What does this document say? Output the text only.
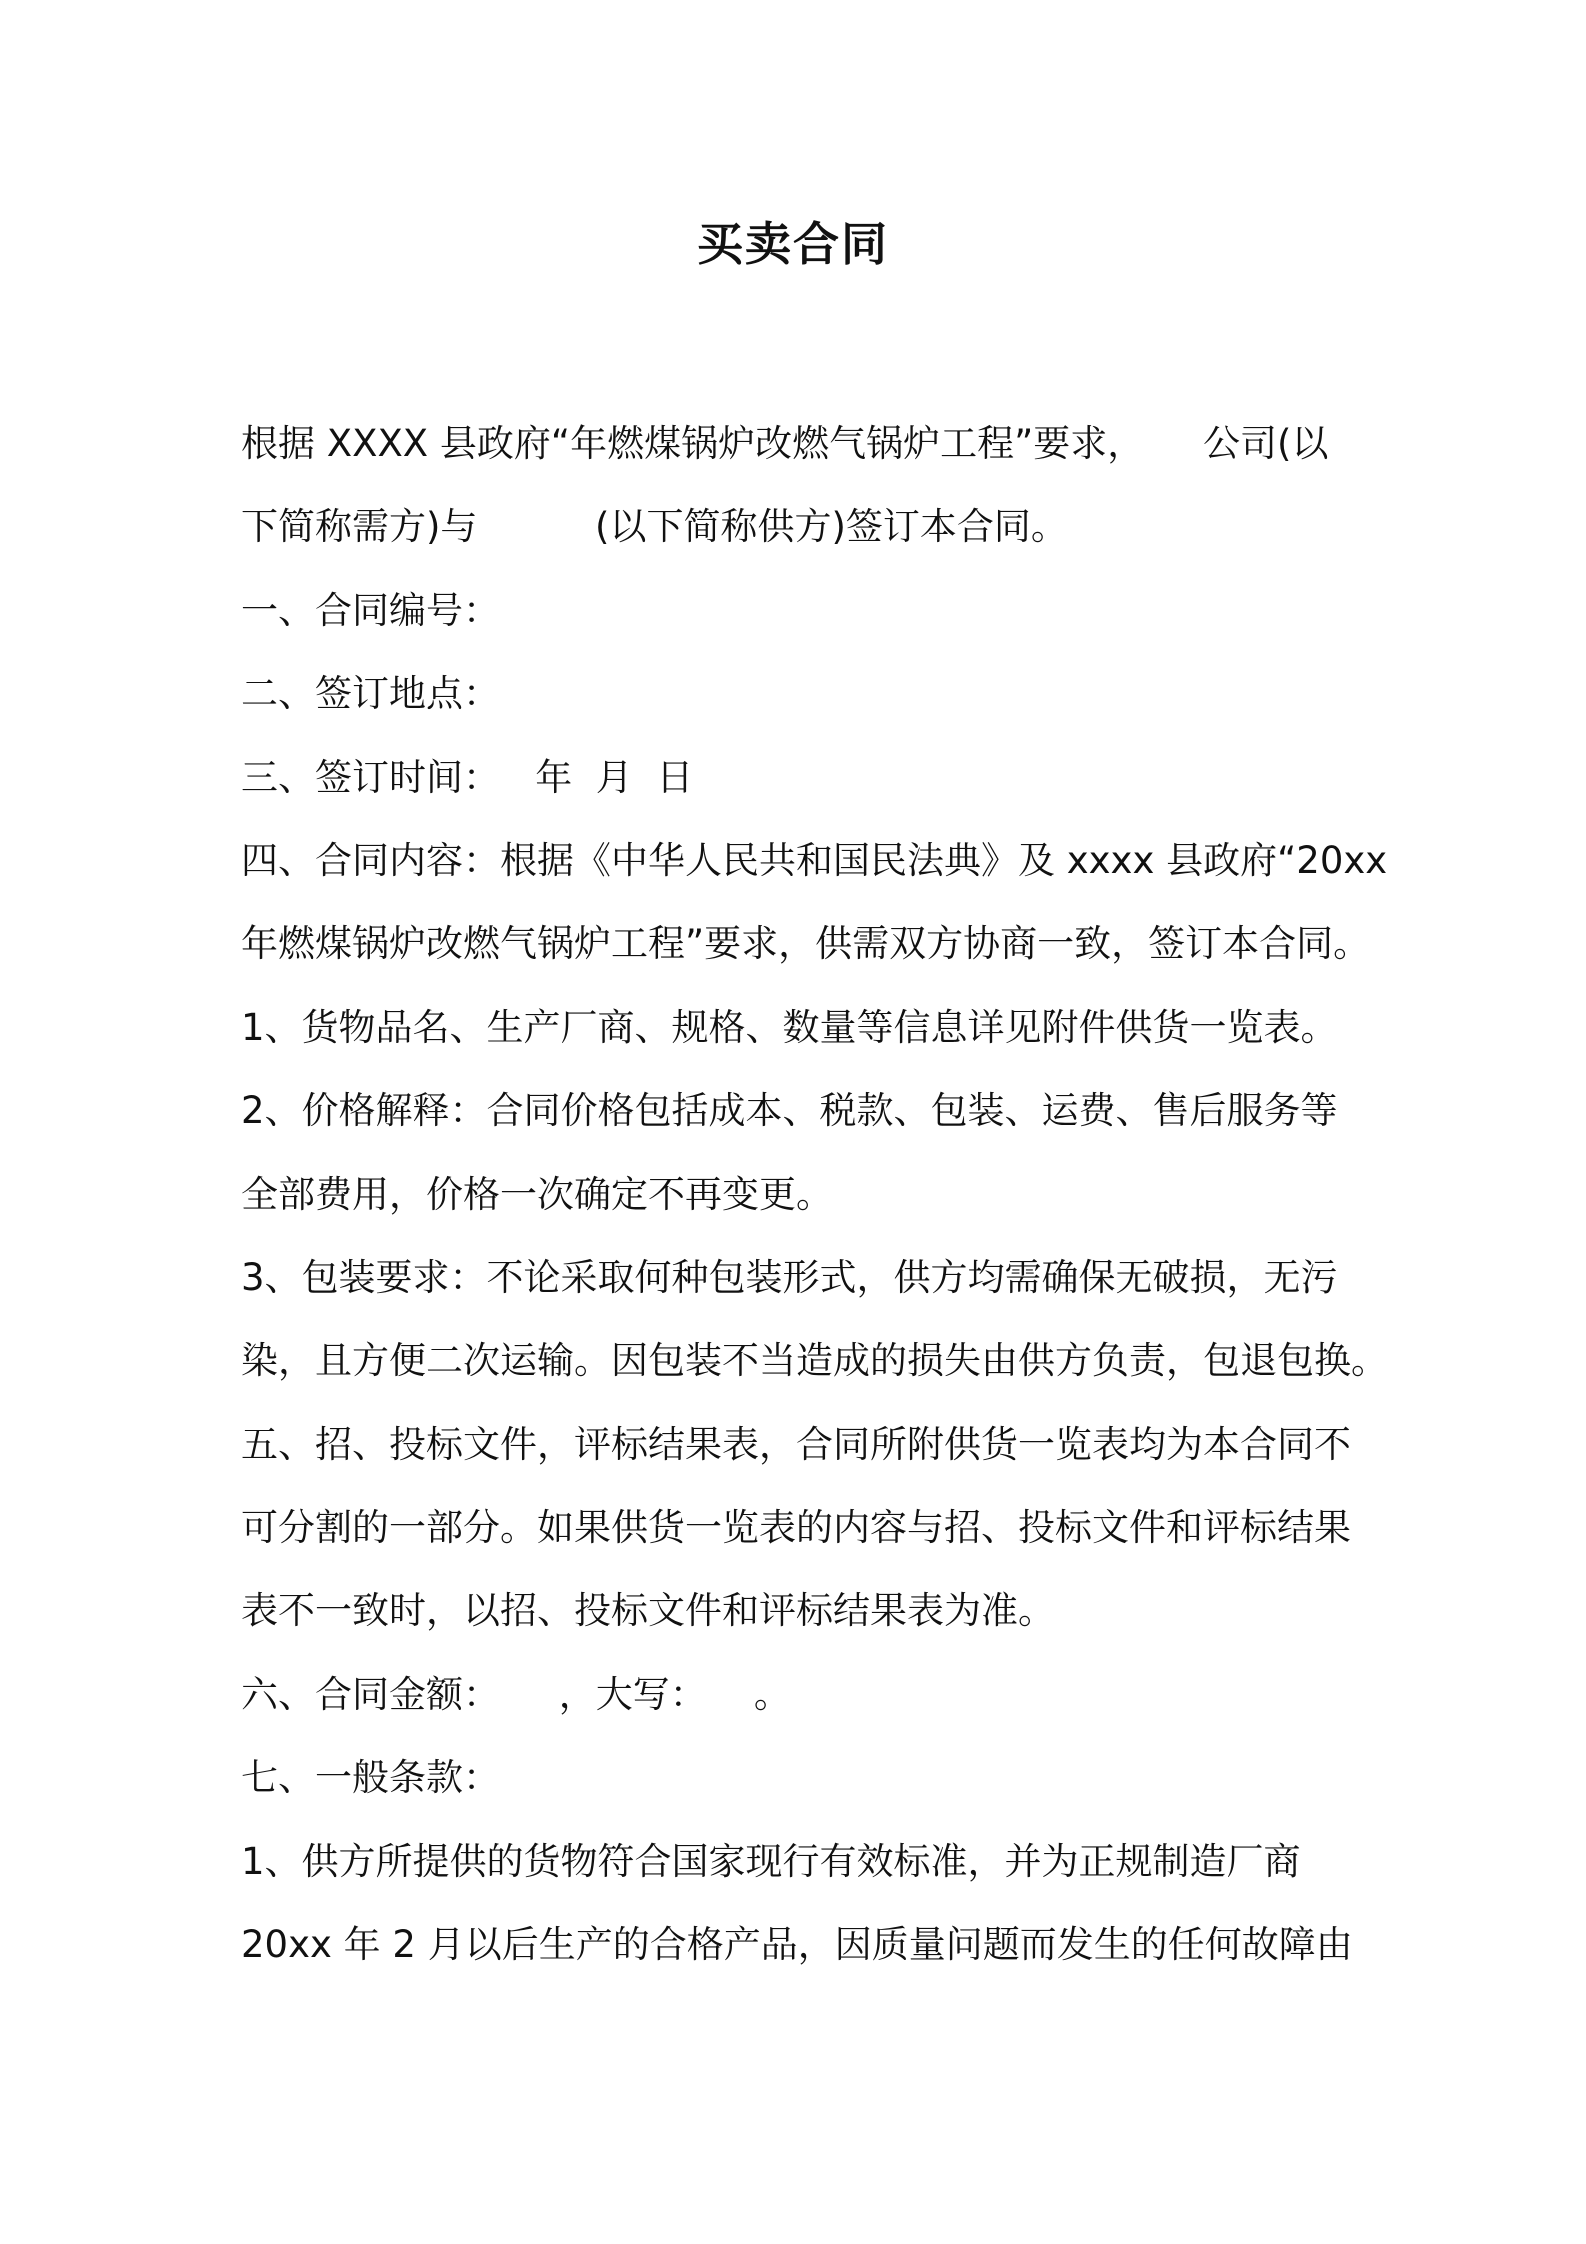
买卖合同

根据 XXXX 县政府“年燃煤锅炉改燃气锅炉工程”要求，     公司(以

下简称需方)与          (以下简称供方)签订本合同。

一、合同编号：

二、签订地点：

三、签订时间：   年  月  日

四、合同内容：根据《中华人民共和国民法典》及 xxxx 县政府“20xx

年燃煤锅炉改燃气锅炉工程”要求，供需双方协商一致，签订本合同。

1、货物品名、生产厂商、规格、数量等信息详见附件供货一览表。

2、价格解释：合同价格包括成本、税款、包装、运费、售后服务等

全部费用，价格一次确定不再变更。

3、包装要求：不论采取何种包装形式，供方均需确保无破损，无污

染，且方便二次运输。因包装不当造成的损失由供方负责，包退包换。

五、招、投标文件，评标结果表，合同所附供货一览表均为本合同不

可分割的一部分。如果供货一览表的内容与招、投标文件和评标结果

表不一致时，以招、投标文件和评标结果表为准。

六、合同金额：     ，大写：    。

七、一般条款：

1、供方所提供的货物符合国家现行有效标准，并为正规制造厂商

20xx 年 2 月以后生产的合格产品，因质量问题而发生的任何故障由
